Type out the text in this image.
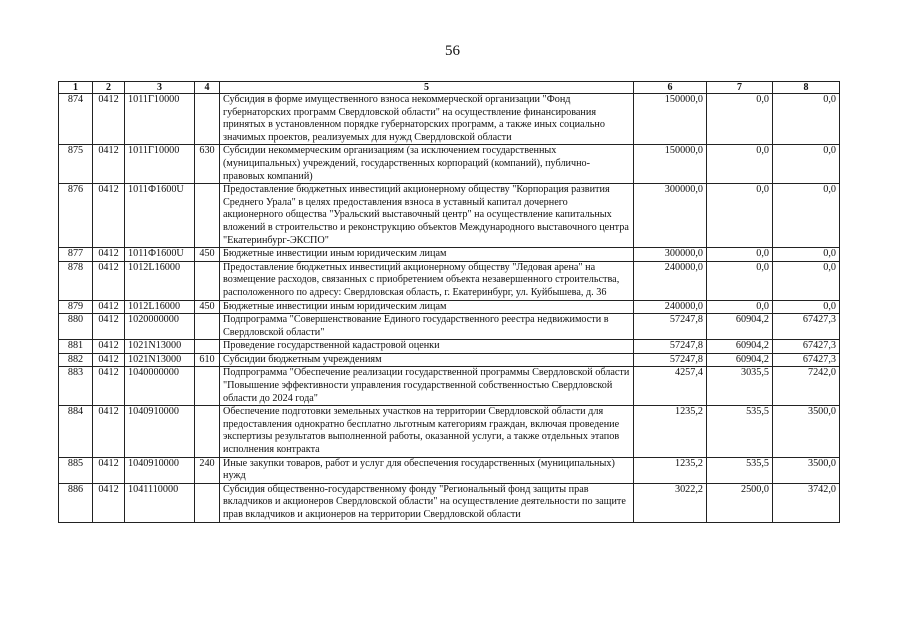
56
1	2	3	4	5	6	7	8
874	0412	1011Г10000		Субсидия в форме имущественного взноса некоммерческой организации "Фонд губернаторских программ Свердловской области" на осуществление финансирования принятых в установленном порядке губернаторских программ, а также иных социально значимых проектов, реализуемых для нужд Свердловской области	150000,0	0,0	0,0
875	0412	1011Г10000	630	Субсидии некоммерческим организациям (за исключением государственных (муниципальных) учреждений, государственных корпораций (компаний), публично-правовых компаний)	150000,0	0,0	0,0
876	0412	1011Ф1600U		Предоставление бюджетных инвестиций акционерному обществу "Корпорация развития Среднего Урала" в целях предоставления взноса в уставный капитал дочернего акционерного общества "Уральский выставочный центр" на осуществление капитальных вложений в строительство и реконструкцию объектов Международного выставочного центра "Екатеринбург-ЭКСПО"	300000,0	0,0	0,0
877	0412	1011Ф1600U	450	Бюджетные инвестиции иным юридическим лицам	300000,0	0,0	0,0
878	0412	1012L16000		Предоставление бюджетных инвестиций акционерному обществу "Ледовая арена" на возмещение расходов, связанных с приобретением объекта незавершенного строительства, расположенного по адресу: Свердловская область, г. Екатеринбург, ул. Куйбышева, д. 36	240000,0	0,0	0,0
879	0412	1012L16000	450	Бюджетные инвестиции иным юридическим лицам	240000,0	0,0	0,0
880	0412	1020000000		Подпрограмма "Совершенствование Единого государственного реестра недвижимости в Свердловской области"	57247,8	60904,2	67427,3
881	0412	1021N13000		Проведение государственной кадастровой оценки	57247,8	60904,2	67427,3
882	0412	1021N13000	610	Субсидии бюджетным учреждениям	57247,8	60904,2	67427,3
883	0412	1040000000		Подпрограмма "Обеспечение реализации государственной программы Свердловской области "Повышение эффективности управления государственной собственностью Свердловской области до 2024 года"	4257,4	3035,5	7242,0
884	0412	1040910000		Обеспечение подготовки земельных участков на территории Свердловской области для предоставления однократно бесплатно льготным категориям граждан, включая проведение экспертизы результатов выполненной работы, оказанной услуги, а также отдельных этапов исполнения контракта	1235,2	535,5	3500,0
885	0412	1040910000	240	Иные закупки товаров, работ и услуг для обеспечения государственных (муниципальных) нужд	1235,2	535,5	3500,0
886	0412	1041110000		Субсидия общественно-государственному фонду "Региональный фонд защиты прав вкладчиков и акционеров Свердловской области" на осуществление деятельности по защите прав вкладчиков и акционеров на территории Свердловской области	3022,2	2500,0	3742,0
